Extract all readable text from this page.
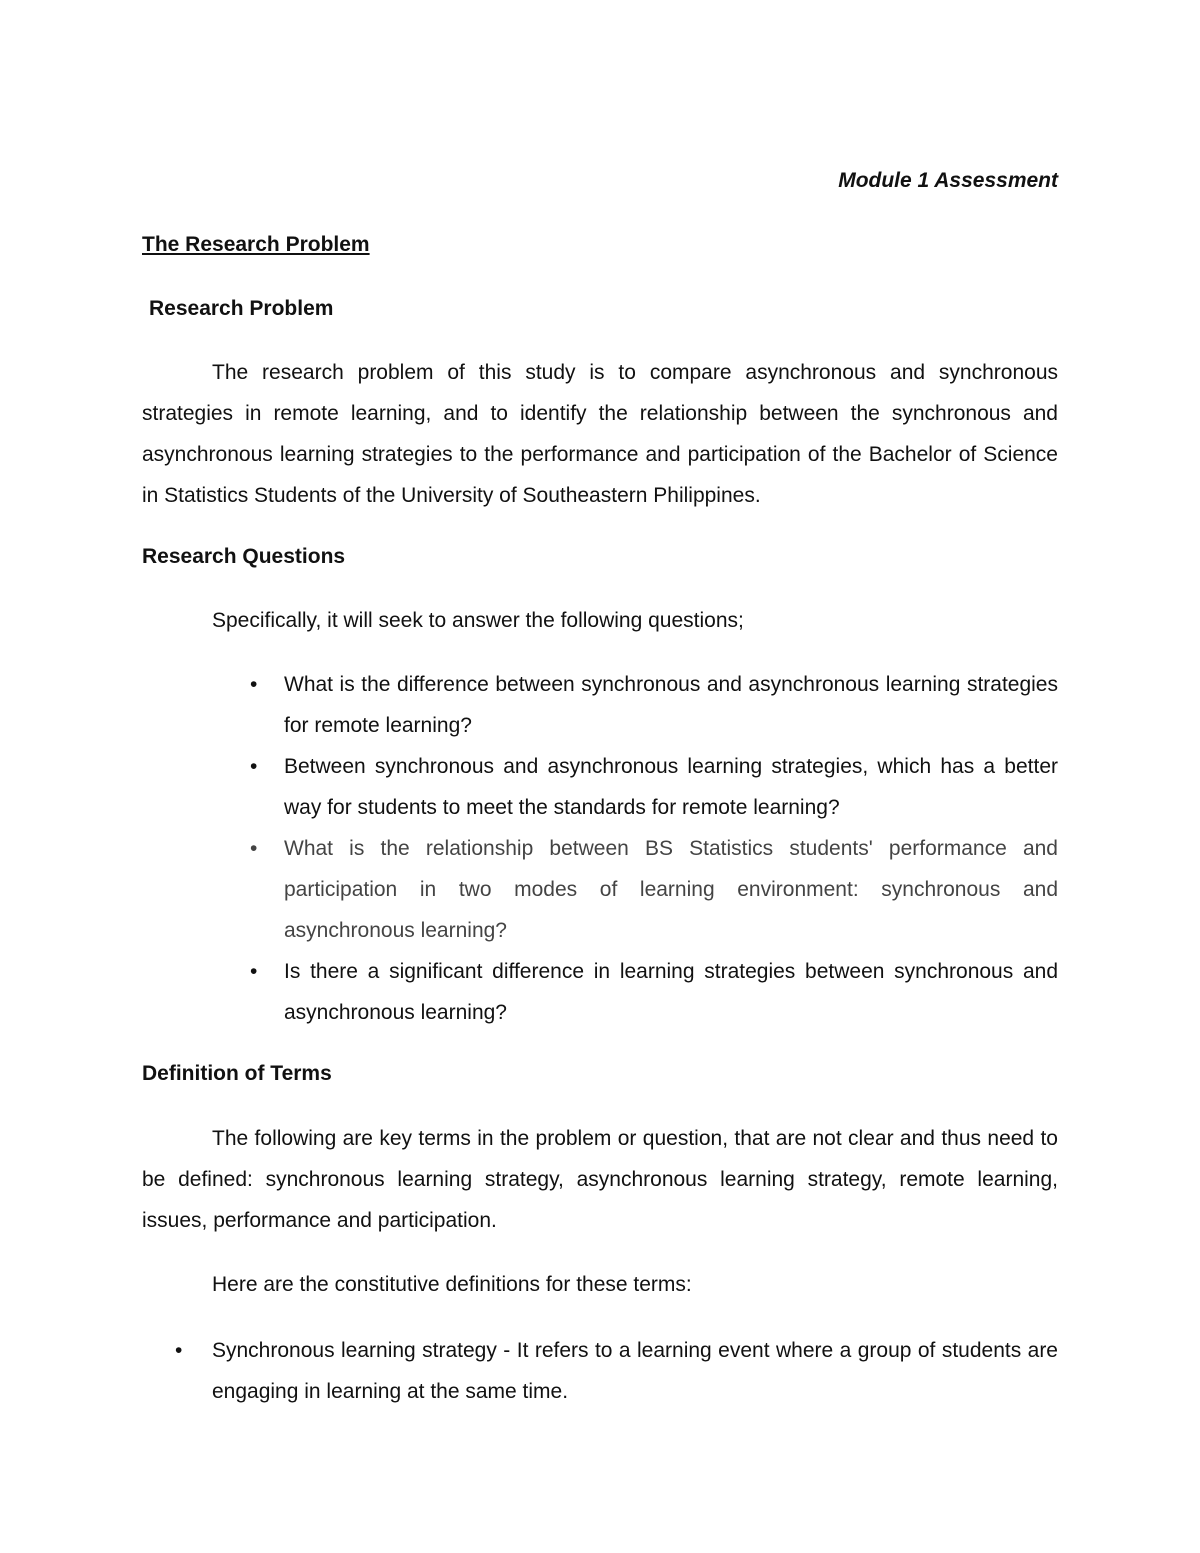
Module 1 Assessment
The Research Problem
Research Problem

The research problem of this study is to compare asynchronous and synchronous strategies in remote learning, and to identify the relationship between the synchronous and asynchronous learning strategies to the performance and participation of the Bachelor of Science in Statistics Students of the University of Southeastern Philippines.

Research Questions
Specifically, it will seek to answer the following questions;
• What is the difference between synchronous and asynchronous learning strategies for remote learning?
• Between synchronous and asynchronous learning strategies, which has a better way for students to meet the standards for remote learning?
• What is the relationship between BS Statistics students' performance and participation in two modes of learning environment: synchronous and asynchronous learning?
• Is there a significant difference in learning strategies between synchronous and asynchronous learning?
Definition of Terms

The following are key terms in the problem or question, that are not clear and thus need to be defined: synchronous learning strategy, asynchronous learning strategy, remote learning, issues, performance and participation.

Here are the constitutive definitions for these terms:
• Synchronous learning strategy - It refers to a learning event where a group of students are engaging in learning at the same time.
